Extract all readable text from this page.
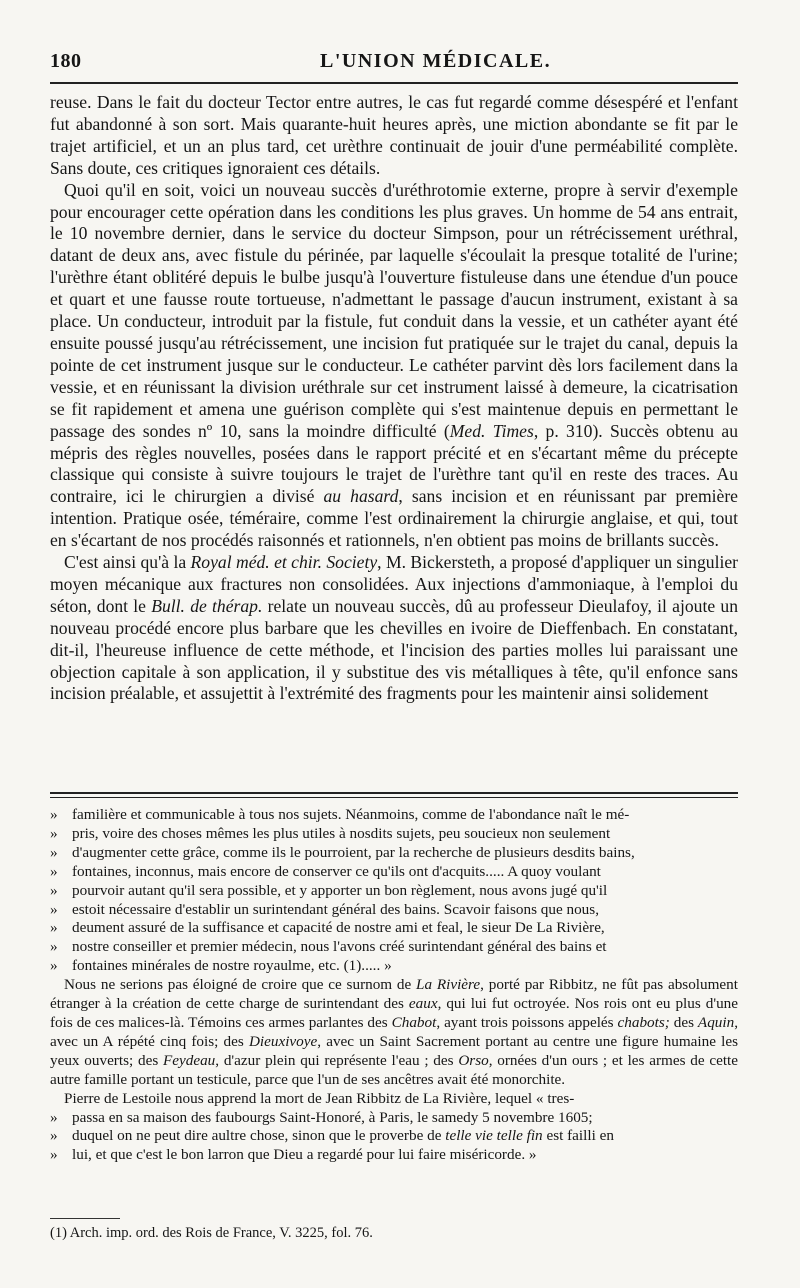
180	L'UNION MÉDICALE.

reuse. Dans le fait du docteur Tector entre autres, le cas fut regardé comme désespéré et l'enfant fut abandonné à son sort. Mais quarante-huit heures après, une miction abondante se fit par le trajet artificiel, et un an plus tard, cet urèthre continuait de jouir d'une perméabilité complète. Sans doute, ces critiques ignoraient ces détails.

Quoi qu'il en soit, voici un nouveau succès d'uréthrotomie externe, propre à servir d'exemple pour encourager cette opération dans les conditions les plus graves. Un homme de 54 ans entrait, le 10 novembre dernier, dans le service du docteur Simpson, pour un rétrécissement uréthral, datant de deux ans, avec fistule du périnée, par laquelle s'écoulait la presque totalité de l'urine; l'urèthre étant oblitéré depuis le bulbe jusqu'à l'ouverture fistuleuse dans une étendue d'un pouce et quart et une fausse route tortueuse, n'admettant le passage d'aucun instrument, existant à sa place. Un conducteur, introduit par la fistule, fut conduit dans la vessie, et un cathéter ayant été ensuite poussé jusqu'au rétrécissement, une incision fut pratiquée sur le trajet du canal, depuis la pointe de cet instrument jusque sur le conducteur. Le cathéter parvint dès lors facilement dans la vessie, et en réunissant la division uréthrale sur cet instrument laissé à demeure, la cicatrisation se fit rapidement et amena une guérison complète qui s'est maintenue depuis en permettant le passage des sondes nº 10, sans la moindre difficulté (Med. Times, p. 310). Succès obtenu au mépris des règles nouvelles, posées dans le rapport précité et en s'écartant même du précepte classique qui consiste à suivre toujours le trajet de l'urèthre tant qu'il en reste des traces. Au contraire, ici le chirurgien a divisé au hasard, sans incision et en réunissant par première intention. Pratique osée, téméraire, comme l'est ordinairement la chirurgie anglaise, et qui, tout en s'écartant de nos procédés raisonnés et rationnels, n'en obtient pas moins de brillants succès.

C'est ainsi qu'à la Royal méd. et chir. Society, M. Bickersteth, a proposé d'appliquer un singulier moyen mécanique aux fractures non consolidées. Aux injections d'ammoniaque, à l'emploi du séton, dont le Bull. de thérap. relate un nouveau succès, dû au professeur Dieulafoy, il ajoute un nouveau procédé encore plus barbare que les chevilles en ivoire de Dieffenbach. En constatant, dit-il, l'heureuse influence de cette méthode, et l'incision des parties molles lui paraissant une objection capitale à son application, il y substitue des vis métalliques à tête, qu'il enfonce sans incision préalable, et assujettit à l'extrémité des fragments pour les maintenir ainsi solidement

» familière et communicable à tous nos sujets. Néanmoins, comme de l'abondance naît le mé-
» pris, voire des choses mêmes les plus utiles à nosdits sujets, peu soucieux non seulement
» d'augmenter cette grâce, comme ils le pourroient, par la recherche de plusieurs desdits bains,
» fontaines, inconnus, mais encore de conserver ce qu'ils ont d'acquits..... A quoy voulant
» pourvoir autant qu'il sera possible, et y apporter un bon règlement, nous avons jugé qu'il
» estoit nécessaire d'establir un surintendant général des bains. Scavoir faisons que nous,
» deument assuré de la suffisance et capacité de nostre ami et feal, le sieur De La Rivière,
» nostre conseiller et premier médecin, nous l'avons créé surintendant général des bains et
» fontaines minérales de nostre royaulme, etc. (1)..... »

Nous ne serions pas éloigné de croire que ce surnom de La Rivière, porté par Ribbitz, ne fût pas absolument étranger à la création de cette charge de surintendant des eaux, qui lui fut octroyée. Nos rois ont eu plus d'une fois de ces malices-là. Témoins ces armes parlantes des Chabot, ayant trois poissons appelés chabots; des Aquin, avec un A répété cinq fois; des Dieuxivoye, avec un Saint Sacrement portant au centre une figure humaine les yeux ouverts; des Feydeau, d'azur plein qui représente l'eau ; des Orso, ornées d'un ours ; et les armes de cette autre famille portant un testicule, parce que l'un de ses ancêtres avait été monorchite.

Pierre de Lestoile nous apprend la mort de Jean Ribbitz de La Rivière, lequel « tres-

» passa en sa maison des faubourgs Saint-Honoré, à Paris, le samedy 5 novembre 1605;
» duquel on ne peut dire aultre chose, sinon que le proverbe de telle vie telle fin est failli en
» lui, et que c'est le bon larron que Dieu a regardé pour lui faire miséricorde. »
(1) Arch. imp. ord. des Rois de France, V. 3225, fol. 76.
